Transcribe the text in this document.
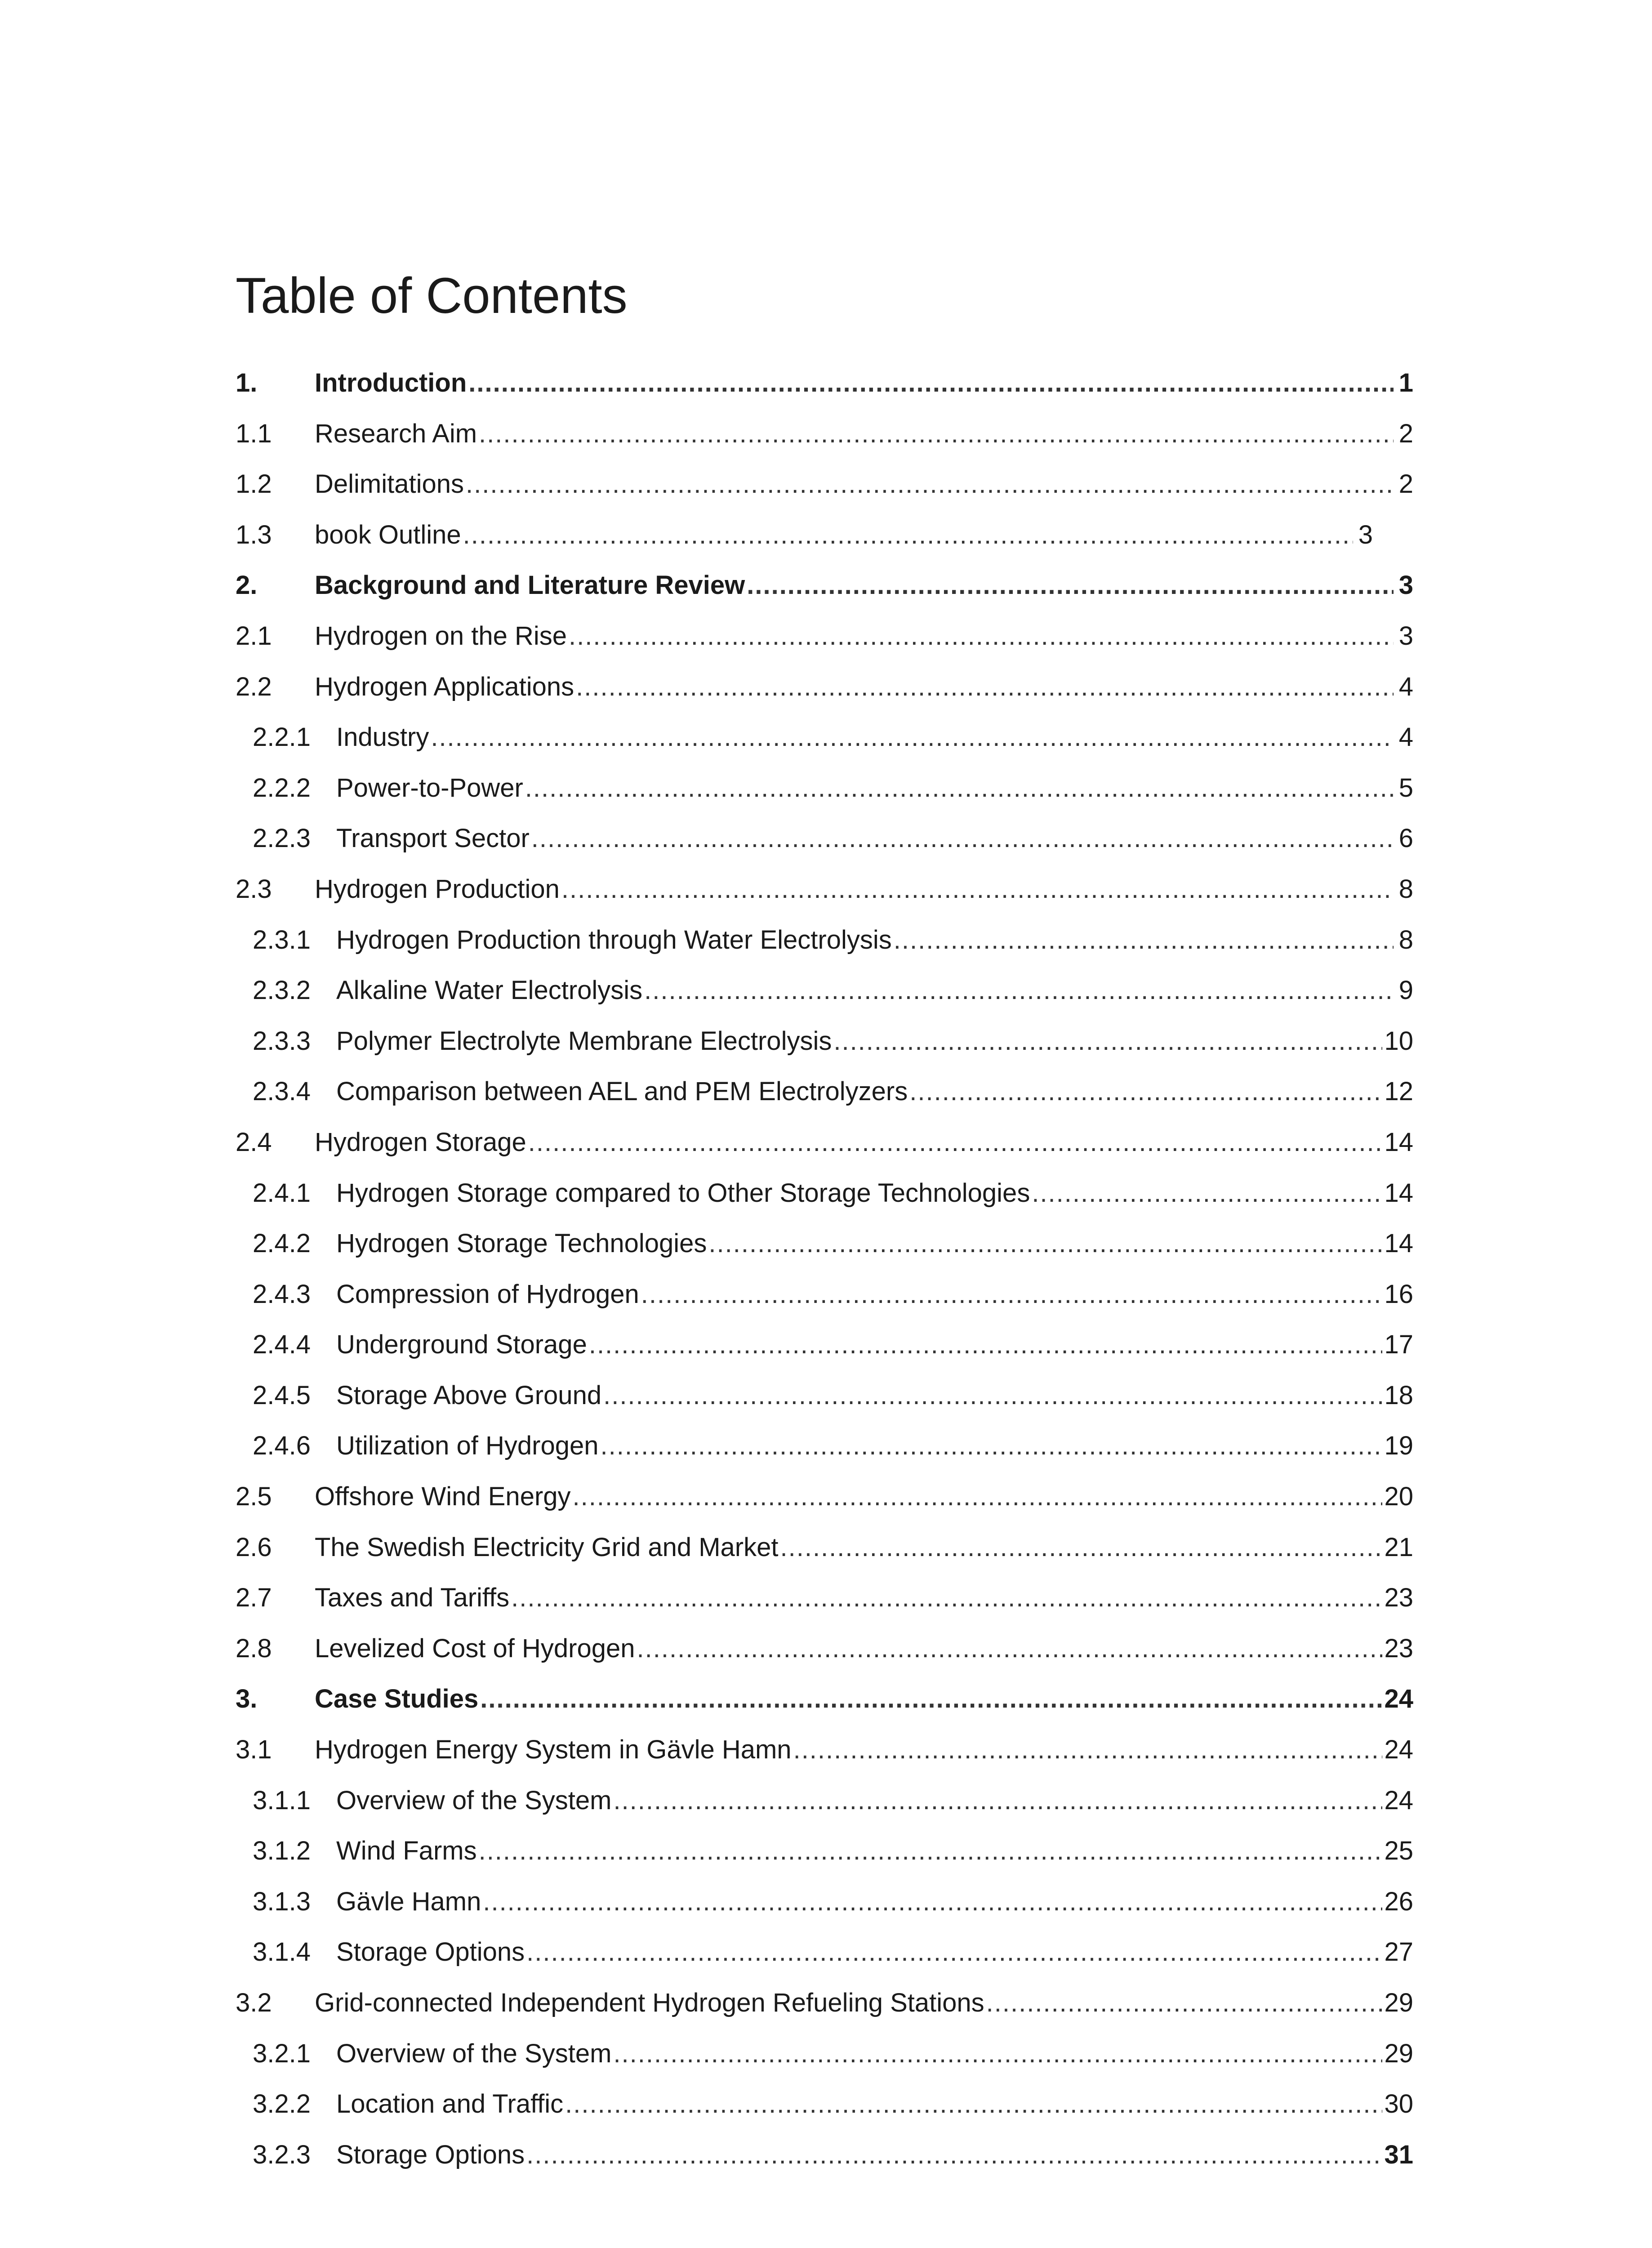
Table of Contents
1. Introduction .....	1
1.1 Research Aim .....	2
1.2 Delimitations .....	2
1.3 book Outline .....	3
2. Background and Literature Review .....	3
2.1 Hydrogen on the Rise .....	3
2.2 Hydrogen Applications .....	4
2.2.1 Industry .....	4
2.2.2 Power-to-Power .....	5
2.2.3 Transport Sector .....	6
2.3 Hydrogen Production .....	8
2.3.1 Hydrogen Production through Water Electrolysis .....	8
2.3.2 Alkaline Water Electrolysis .....	9
2.3.3 Polymer Electrolyte Membrane Electrolysis .....	10
2.3.4 Comparison between AEL and PEM Electrolyzers .....	12
2.4 Hydrogen Storage .....	14
2.4.1 Hydrogen Storage compared to Other Storage Technologies .....	14
2.4.2 Hydrogen Storage Technologies .....	14
2.4.3 Compression of Hydrogen .....	16
2.4.4 Underground Storage .....	17
2.4.5 Storage Above Ground .....	18
2.4.6 Utilization of Hydrogen .....	19
2.5 Offshore Wind Energy .....	20
2.6 The Swedish Electricity Grid and Market .....	21
2.7 Taxes and Tariffs .....	23
2.8 Levelized Cost of Hydrogen .....	23
3. Case Studies .....	24
3.1 Hydrogen Energy System in Gävle Hamn .....	24
3.1.1 Overview of the System .....	24
3.1.2 Wind Farms .....	25
3.1.3 Gävle Hamn .....	26
3.1.4 Storage Options .....	27
3.2 Grid-connected Independent Hydrogen Refueling Stations .....	29
3.2.1 Overview of the System .....	29
3.2.2 Location and Traffic .....	30
3.2.3 Storage Options .....	31
